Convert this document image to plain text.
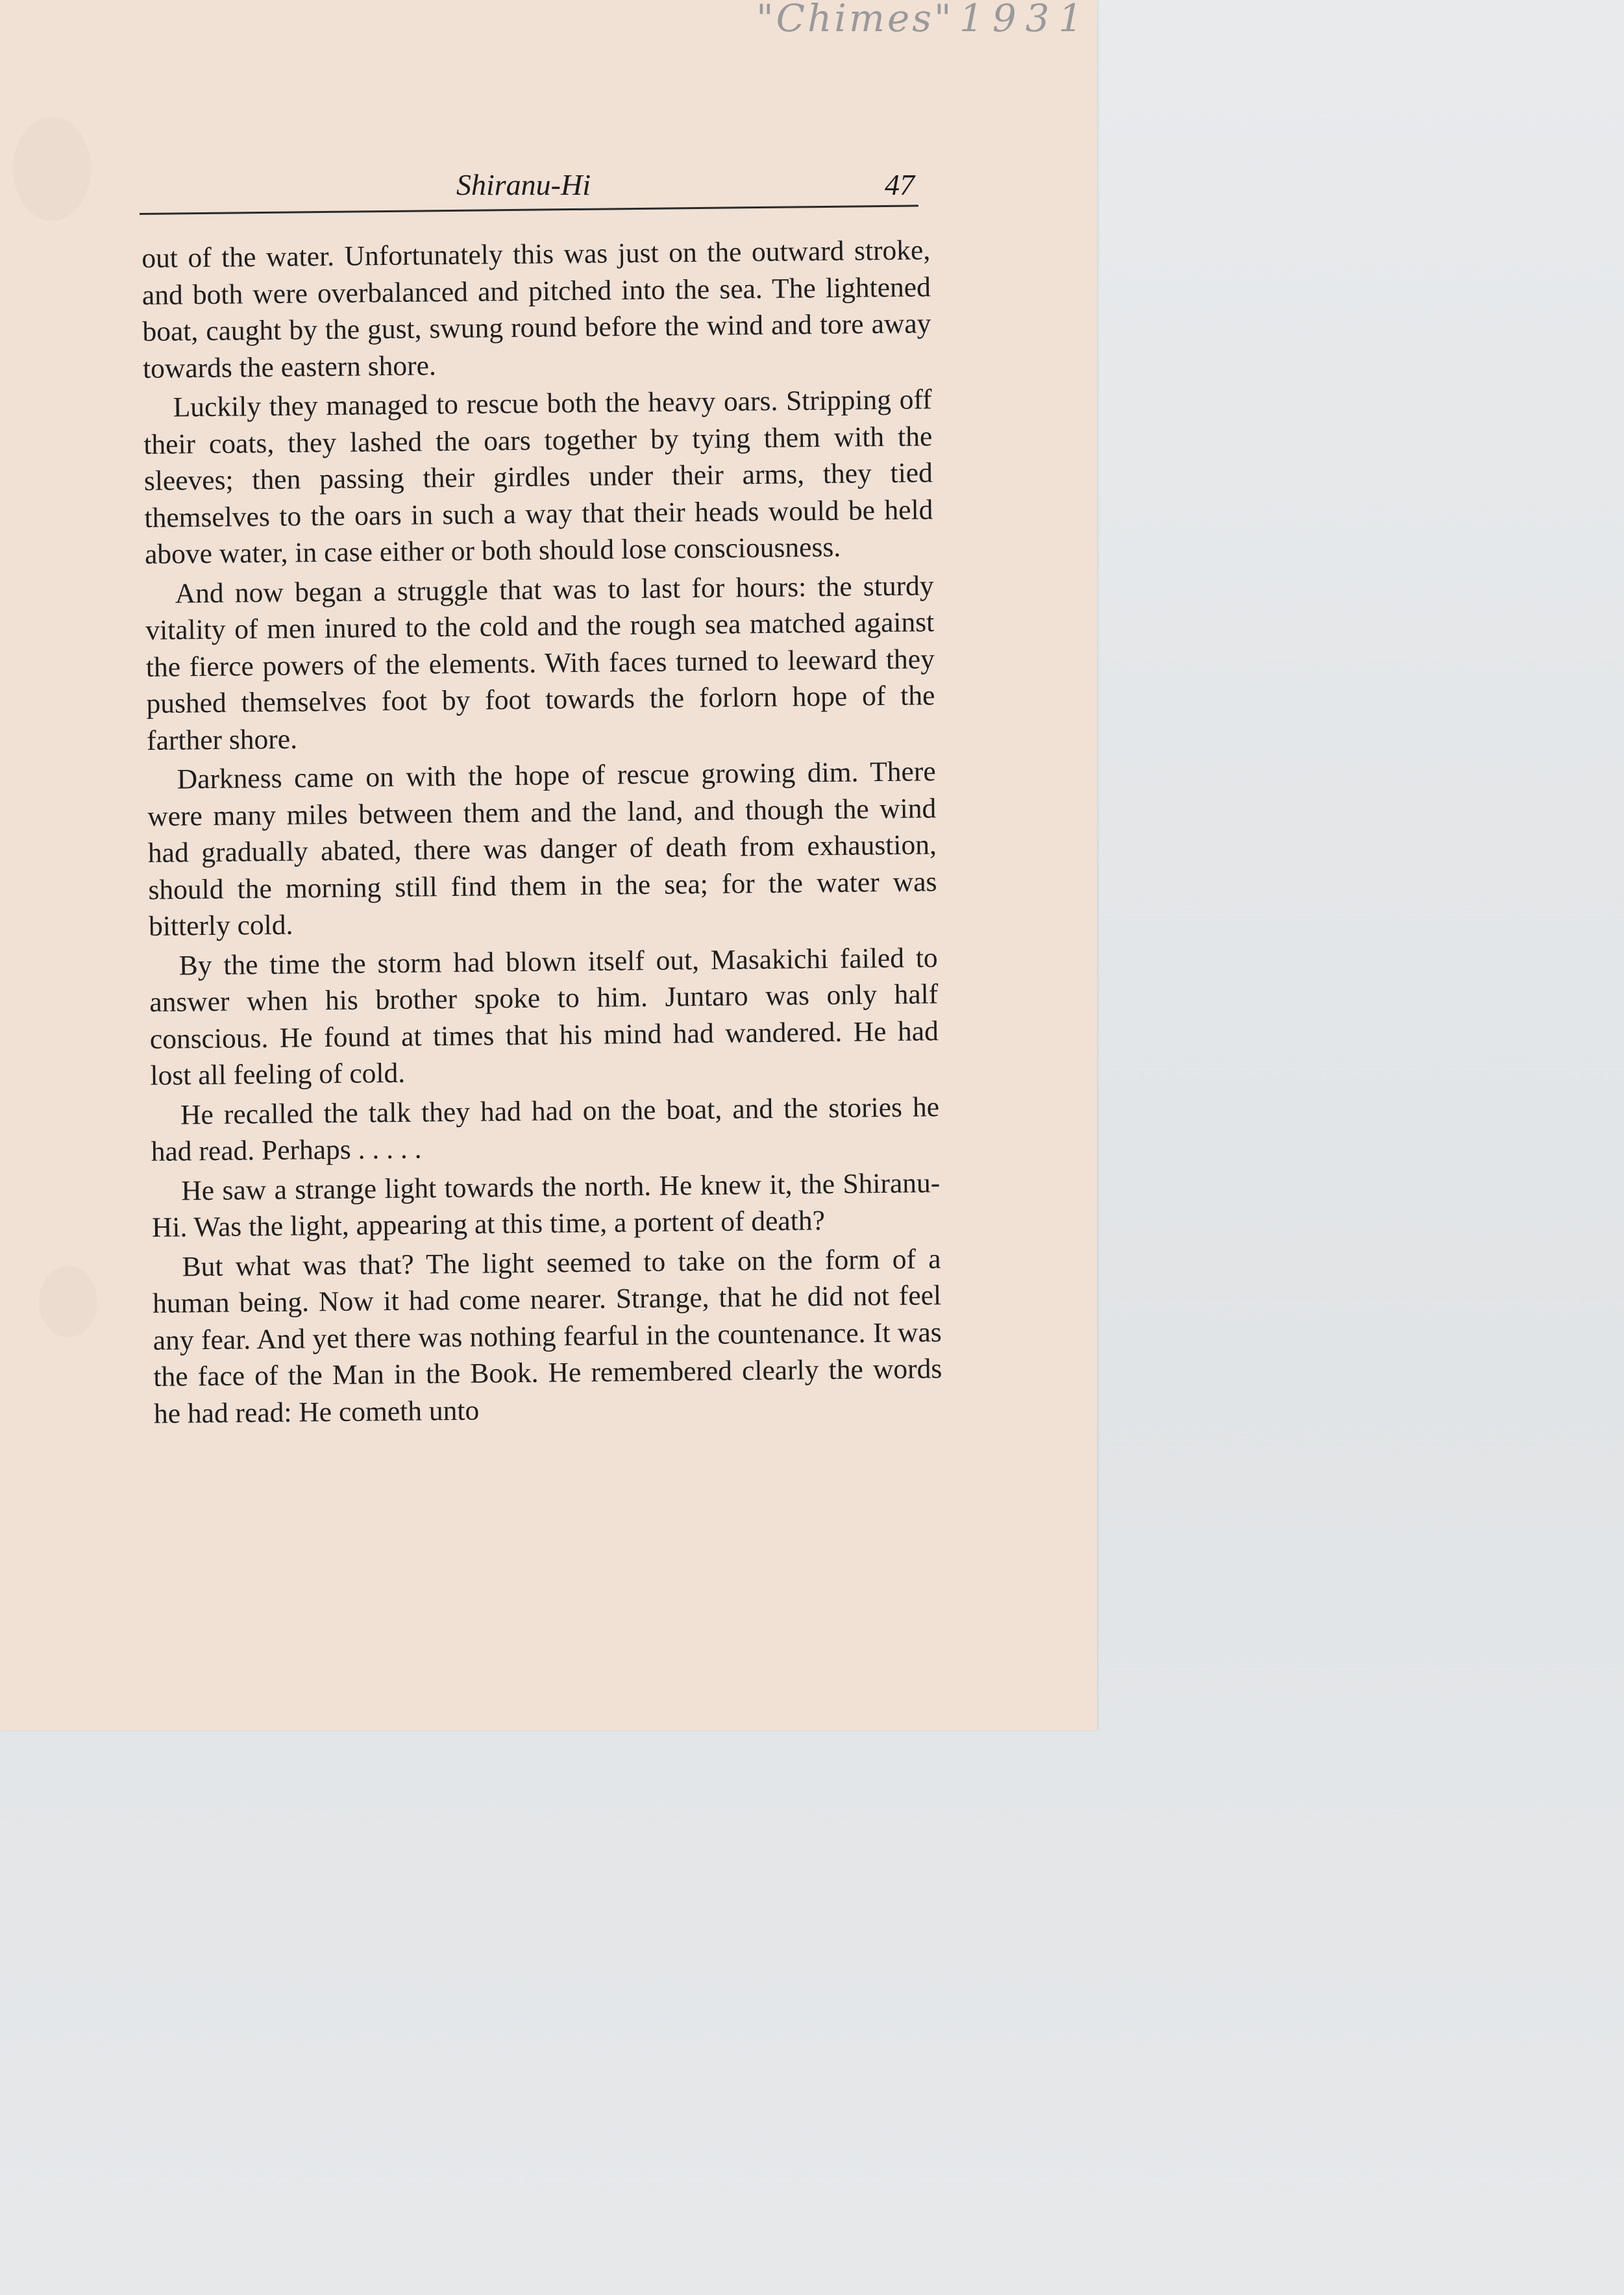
"Chimes" 1931
Shiranu-Hi	47

out of the water. Unfortunately this was just on the outward stroke, and both were overbalanced and pitched into the sea. The lightened boat, caught by the gust, swung round before the wind and tore away towards the eastern shore.

Luckily they managed to rescue both the heavy oars. Stripping off their coats, they lashed the oars together by tying them with the sleeves; then passing their girdles under their arms, they tied themselves to the oars in such a way that their heads would be held above water, in case either or both should lose consciousness.

And now began a struggle that was to last for hours: the sturdy vitality of men inured to the cold and the rough sea matched against the fierce powers of the elements. With faces turned to leeward they pushed themselves foot by foot towards the forlorn hope of the farther shore.

Darkness came on with the hope of rescue growing dim. There were many miles between them and the land, and though the wind had gradually abated, there was danger of death from exhaustion, should the morning still find them in the sea; for the water was bitterly cold.

By the time the storm had blown itself out, Masakichi failed to answer when his brother spoke to him. Juntaro was only half conscious. He found at times that his mind had wandered. He had lost all feeling of cold.

He recalled the talk they had had on the boat, and the stories he had read. Perhaps . . . . .

He saw a strange light towards the north. He knew it, the Shiranu-Hi. Was the light, appearing at this time, a portent of death?

But what was that? The light seemed to take on the form of a human being. Now it had come nearer. Strange, that he did not feel any fear. And yet there was nothing fearful in the countenance. It was the face of the Man in the Book. He remembered clearly the words he had read: He cometh unto
